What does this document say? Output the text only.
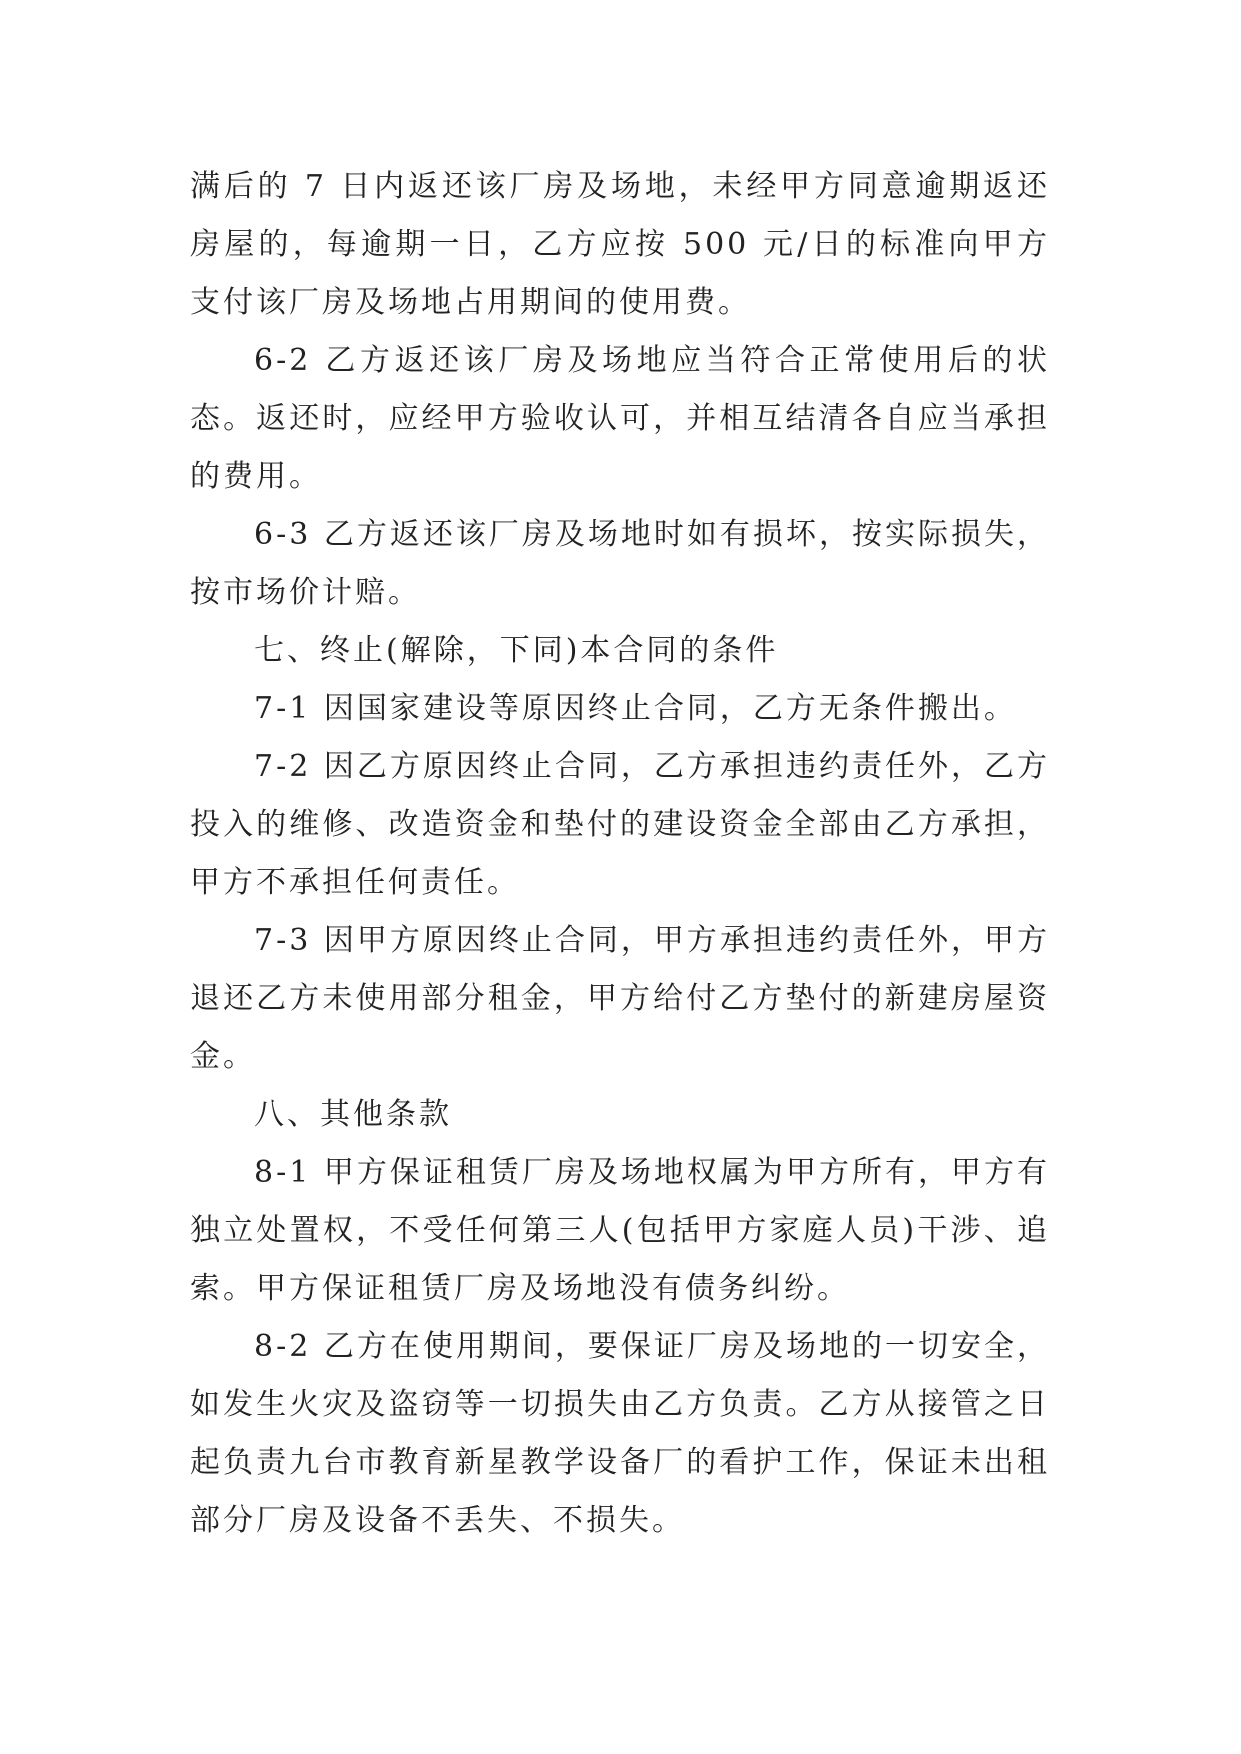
满后的 7 日内返还该厂房及场地，未经甲方同意逾期返还房屋的，每逾期一日，乙方应按 500 元/日的标准向甲方支付该厂房及场地占用期间的使用费。

6-2 乙方返还该厂房及场地应当符合正常使用后的状态。返还时，应经甲方验收认可，并相互结清各自应当承担的费用。

6-3 乙方返还该厂房及场地时如有损坏，按实际损失，按市场价计赔。

七、终止(解除，下同)本合同的条件

7-1 因国家建设等原因终止合同，乙方无条件搬出。

7-2 因乙方原因终止合同，乙方承担违约责任外，乙方投入的维修、改造资金和垫付的建设资金全部由乙方承担，甲方不承担任何责任。

7-3 因甲方原因终止合同，甲方承担违约责任外，甲方退还乙方未使用部分租金，甲方给付乙方垫付的新建房屋资金。

八、其他条款

8-1 甲方保证租赁厂房及场地权属为甲方所有，甲方有独立处置权，不受任何第三人(包括甲方家庭人员)干涉、追索。甲方保证租赁厂房及场地没有债务纠纷。

8-2 乙方在使用期间，要保证厂房及场地的一切安全，如发生火灾及盗窃等一切损失由乙方负责。乙方从接管之日起负责九台市教育新星教学设备厂的看护工作，保证未出租部分厂房及设备不丢失、不损失。
